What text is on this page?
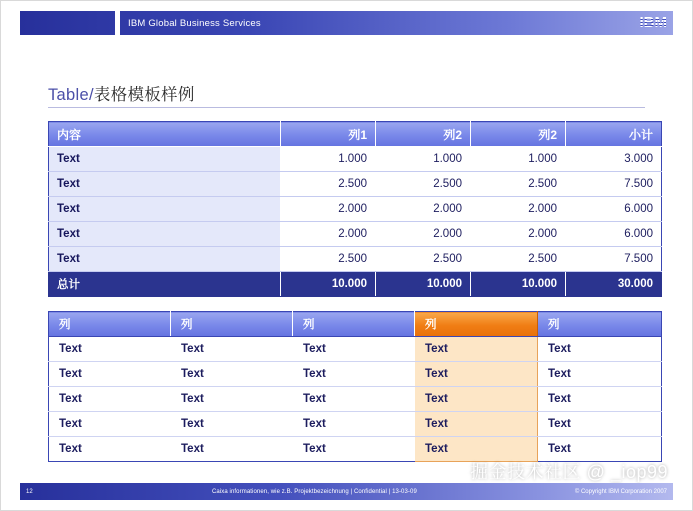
IBM Global Business Services	IBM
Table/表格模板样例
内容	列1	列2	列2	小计
Text	1.000	1.000	1.000	3.000
Text	2.500	2.500	2.500	7.500
Text	2.000	2.000	2.000	6.000
Text	2.000	2.000	2.000	6.000
Text	2.500	2.500	2.500	7.500
总计	10.000	10.000	10.000	30.000
列	列	列	列	列
Text	Text	Text	Text	Text
Text	Text	Text	Text	Text
Text	Text	Text	Text	Text
Text	Text	Text	Text	Text
Text	Text	Text	Text	Text
掘金技术社区 @ _iop99
12	Caixa informationen, wie z.B. Projektbezeichnung | Confidential | 13-03-09	© Copyright IBM Corporation 2007
